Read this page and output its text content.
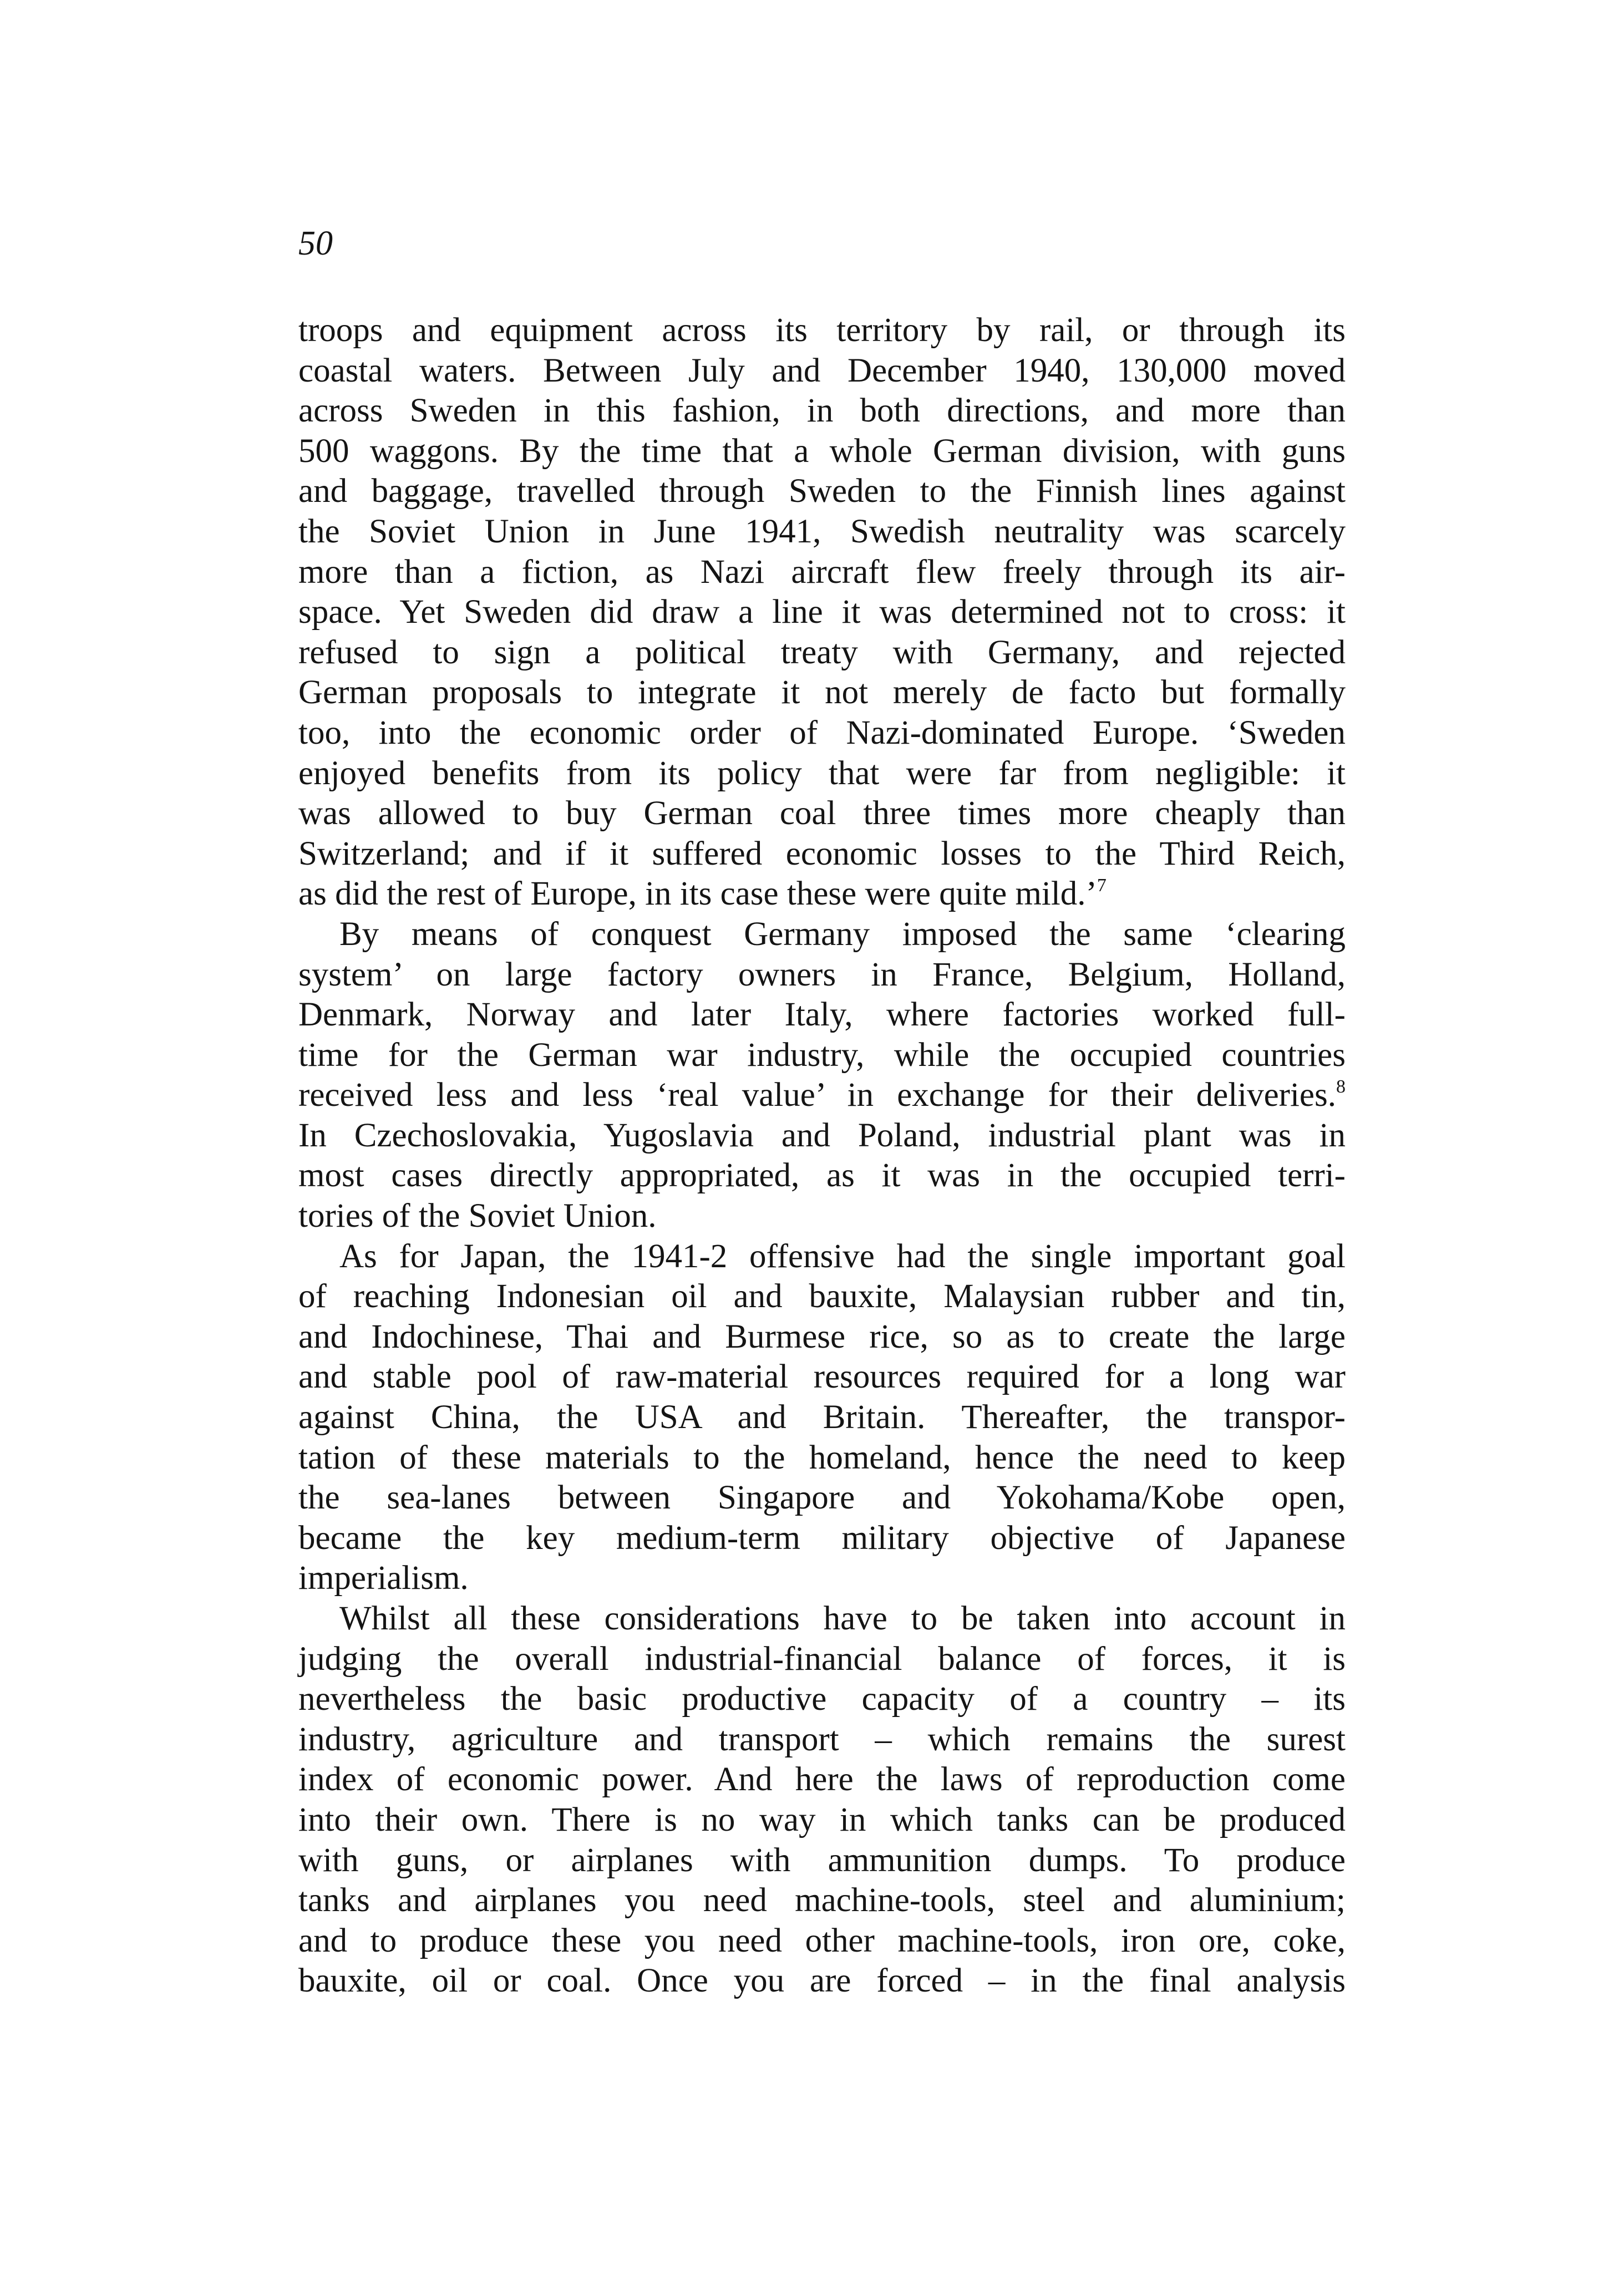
50
troops and equipment across its territory by rail, or through its
coastal waters. Between July and December 1940, 130,000 moved
across Sweden in this fashion, in both directions, and more than
500 waggons. By the time that a whole German division, with guns
and baggage, travelled through Sweden to the Finnish lines against
the Soviet Union in June 1941, Swedish neutrality was scarcely
more than a fiction, as Nazi aircraft flew freely through its air-
space. Yet Sweden did draw a line it was determined not to cross: it
refused to sign a political treaty with Germany, and rejected
German proposals to integrate it not merely de facto but formally
too, into the economic order of Nazi-dominated Europe. ‘Sweden
enjoyed benefits from its policy that were far from negligible: it
was allowed to buy German coal three times more cheaply than
Switzerland; and if it suffered economic losses to the Third Reich,
as did the rest of Europe, in its case these were quite mild.’$^7$
By means of conquest Germany imposed the same ‘clearing
system’ on large factory owners in France, Belgium, Holland,
Denmark, Norway and later Italy, where factories worked full-
time for the German war industry, while the occupied countries
received less and less ‘real value’ in exchange for their deliveries.$^8$
In Czechoslovakia, Yugoslavia and Poland, industrial plant was in
most cases directly appropriated, as it was in the occupied terri-
tories of the Soviet Union.
As for Japan, the 1941-2 offensive had the single important goal
of reaching Indonesian oil and bauxite, Malaysian rubber and tin,
and Indochinese, Thai and Burmese rice, so as to create the large
and stable pool of raw-material resources required for a long war
against China, the USA and Britain. Thereafter, the transpor-
tation of these materials to the homeland, hence the need to keep
the sea-lanes between Singapore and Yokohama/Kobe open,
became the key medium-term military objective of Japanese
imperialism.
Whilst all these considerations have to be taken into account in
judging the overall industrial-financial balance of forces, it is
nevertheless the basic productive capacity of a country – its
industry, agriculture and transport – which remains the surest
index of economic power. And here the laws of reproduction come
into their own. There is no way in which tanks can be produced
with guns, or airplanes with ammunition dumps. To produce
tanks and airplanes you need machine-tools, steel and aluminium;
and to produce these you need other machine-tools, iron ore, coke,
bauxite, oil or coal. Once you are forced – in the final analysis
